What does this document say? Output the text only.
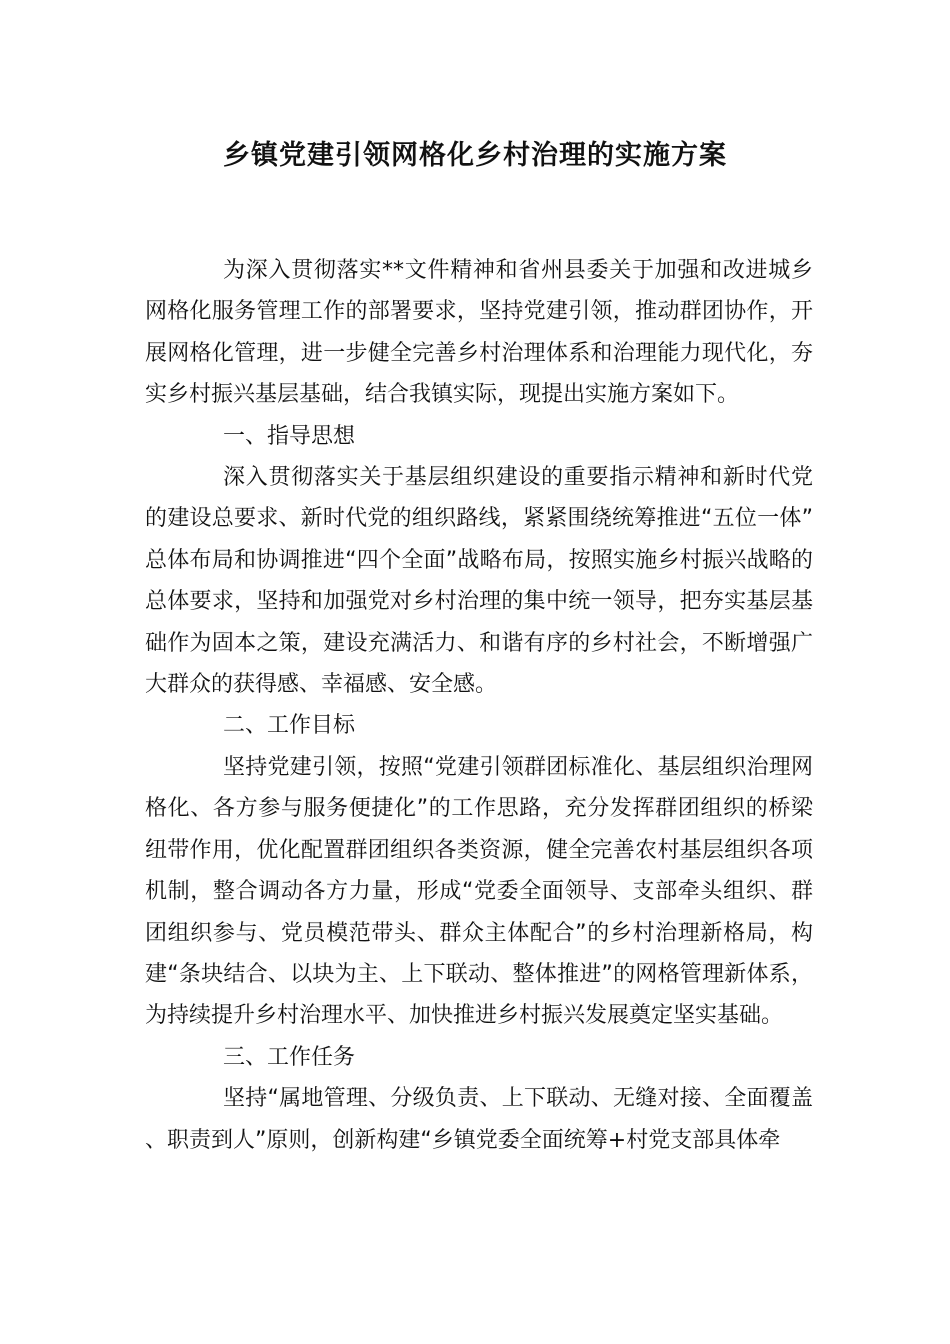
乡镇党建引领网格化乡村治理的实施方案

为深入贯彻落实**文件精神和省州县委关于加强和改进城乡网格化服务管理工作的部署要求，坚持党建引领，推动群团协作，开展网格化管理，进一步健全完善乡村治理体系和治理能力现代化，夯实乡村振兴基层基础，结合我镇实际，现提出实施方案如下。

一、指导思想

深入贯彻落实关于基层组织建设的重要指示精神和新时代党的建设总要求、新时代党的组织路线，紧紧围绕统筹推进“五位一体”总体布局和协调推进“四个全面”战略布局，按照实施乡村振兴战略的总体要求，坚持和加强党对乡村治理的集中统一领导，把夯实基层基础作为固本之策，建设充满活力、和谐有序的乡村社会，不断增强广大群众的获得感、幸福感、安全感。

二、工作目标

坚持党建引领，按照“党建引领群团标准化、基层组织治理网格化、各方参与服务便捷化”的工作思路，充分发挥群团组织的桥梁纽带作用，优化配置群团组织各类资源，健全完善农村基层组织各项机制，整合调动各方力量，形成“党委全面领导、支部牵头组织、群团组织参与、党员模范带头、群众主体配合”的乡村治理新格局，构建“条块结合、以块为主、上下联动、整体推进”的网格管理新体系，为持续提升乡村治理水平、加快推进乡村振兴发展奠定坚实基础。

三、工作任务

坚持“属地管理、分级负责、上下联动、无缝对接、全面覆盖、职责到人”原则，创新构建“乡镇党委全面统筹+村党支部具体牵
